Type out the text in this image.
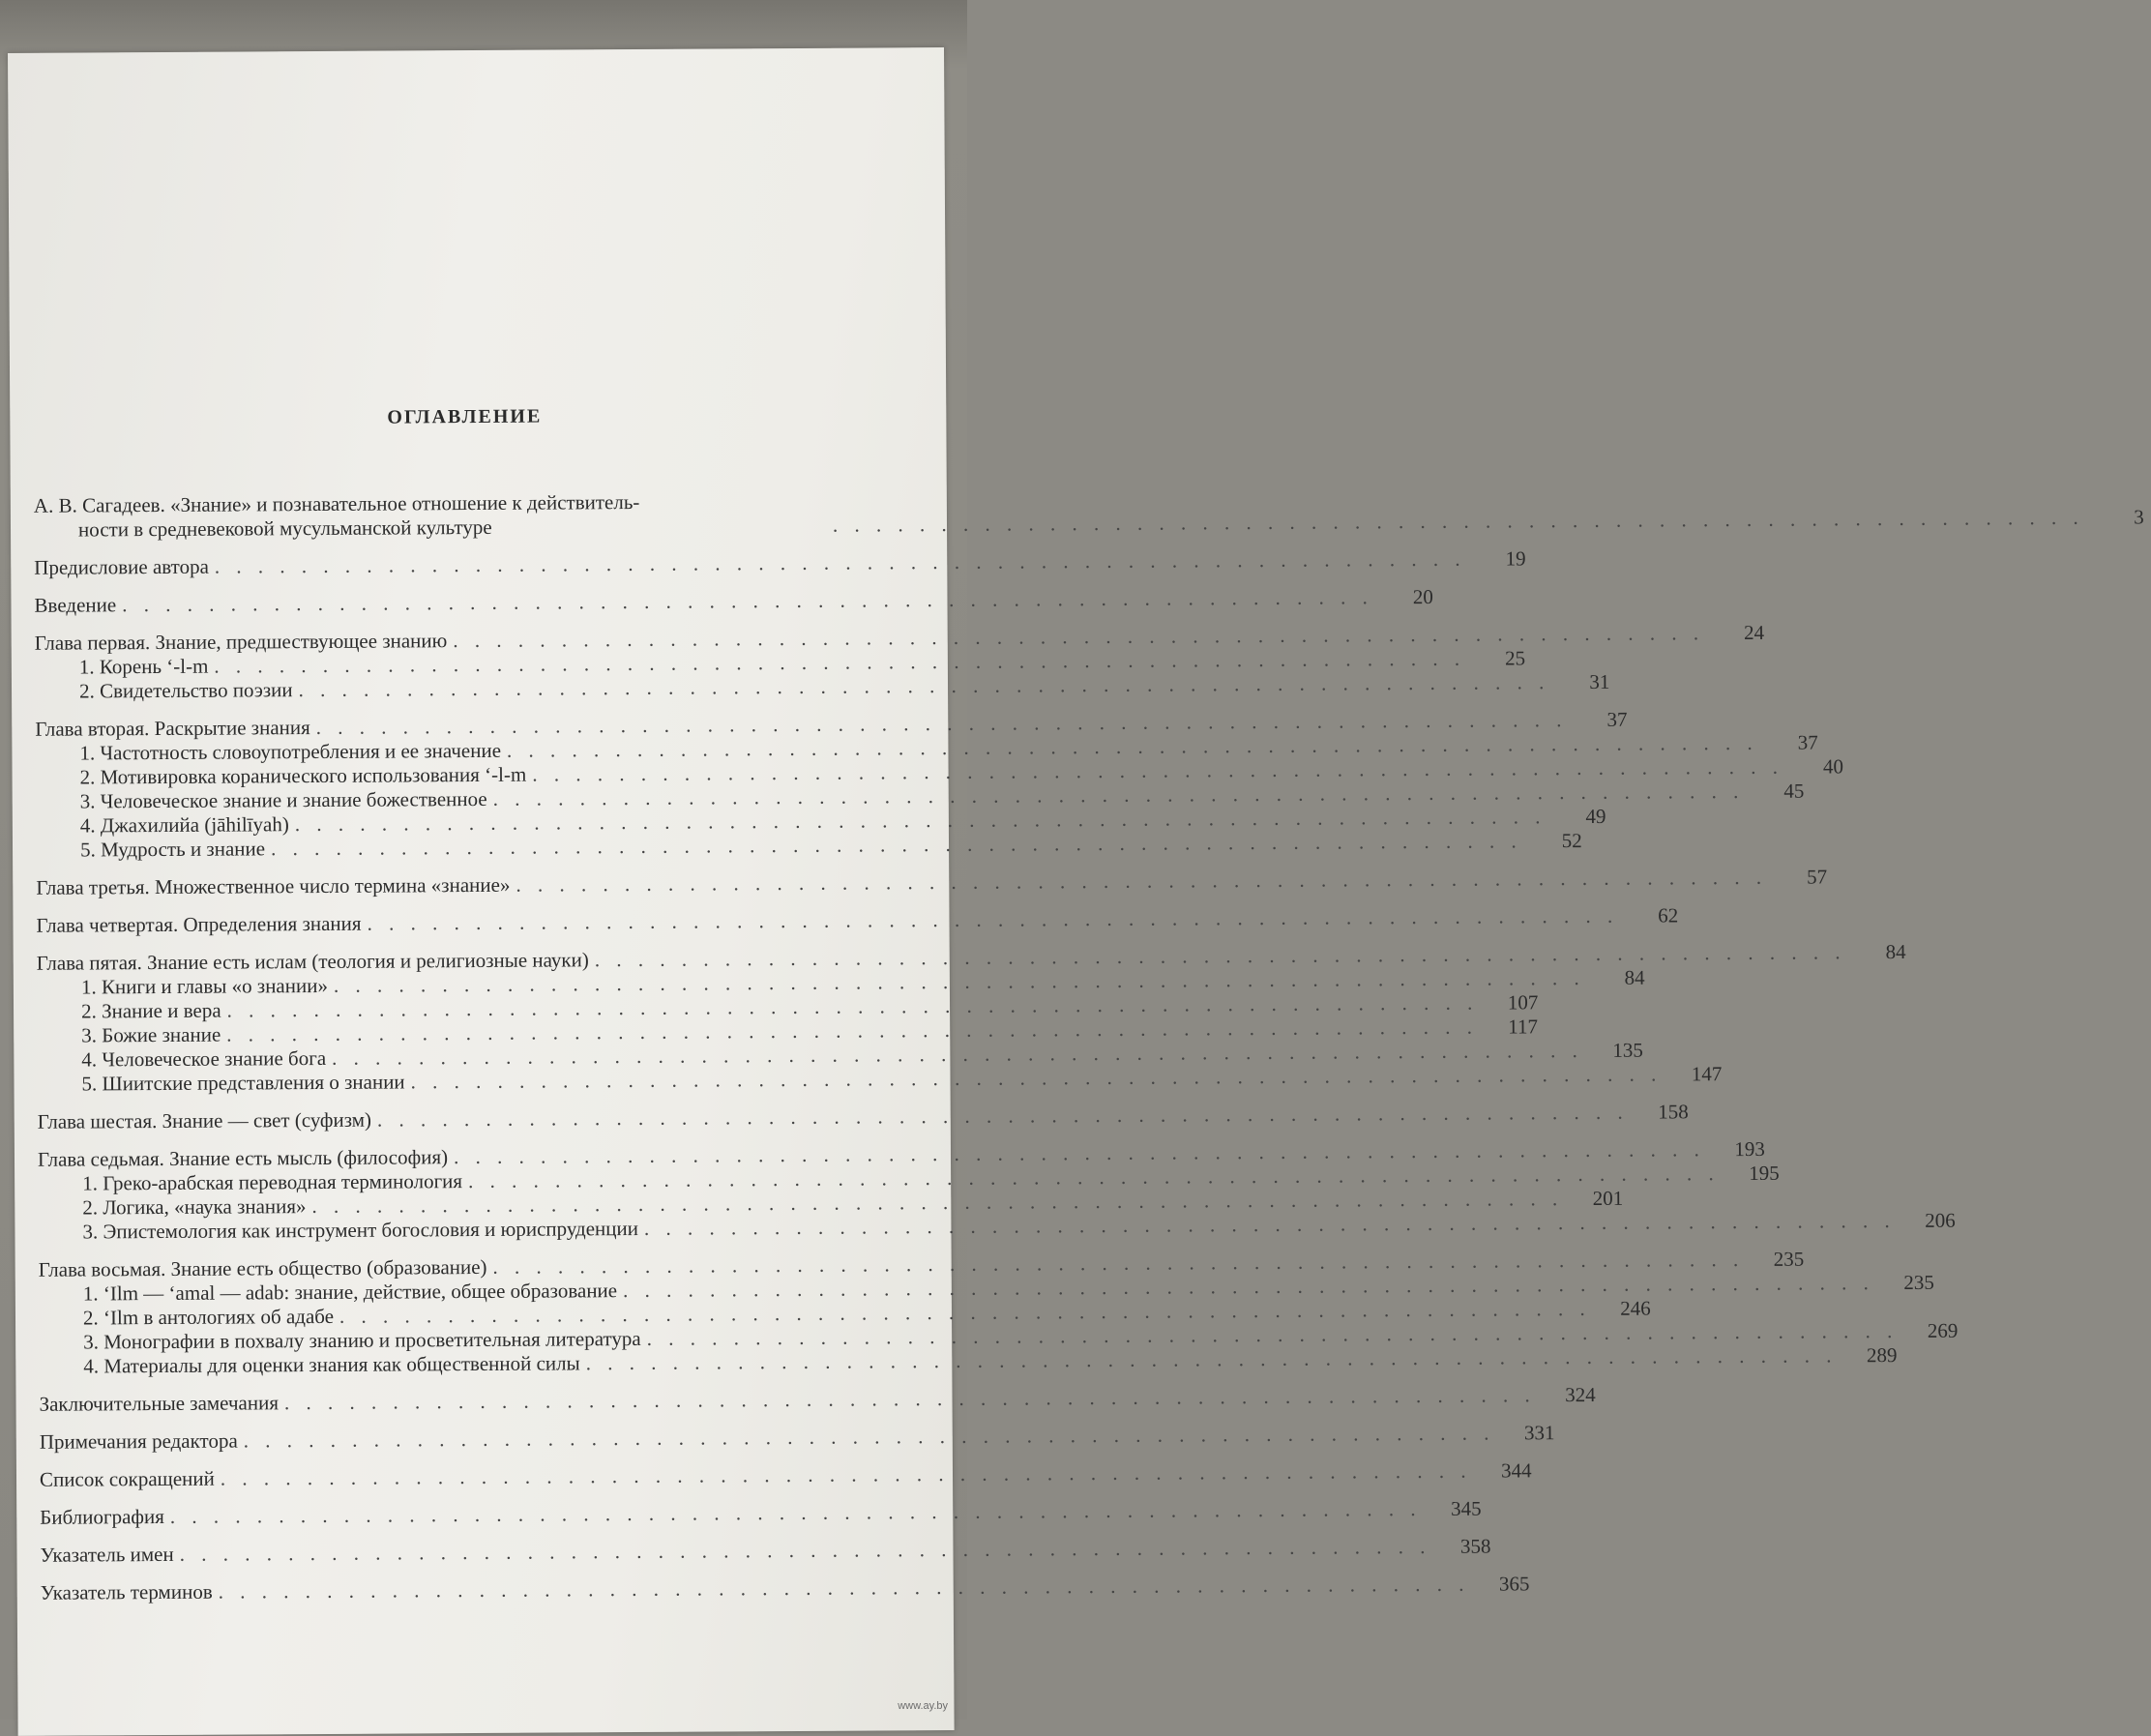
ОГЛАВЛЕНИЕ
А. В. Сагадеев. «Знание» и познавательное отношение к действитель-
ности в средневековой мусульманской культуре . . .	3
Предисловие автора . . .	19
Введение . . .	20
Глава первая. Знание, предшествующее знанию . . .	24
1. Корень ‘-l-m . . .	25
2. Свидетельство поэзии . . .	31
Глава вторая. Раскрытие знания . . .	37
1. Частотность словоупотребления и ее значение . . .	37
2. Мотивировка коранического использования ‘-l-m . . .	40
3. Человеческое знание и знание божественное . . .	45
4. Джахилийа (jāhilīyah) . . .	49
5. Мудрость и знание . . .	52
Глава третья. Множественное число термина «знание» . . .	57
Глава четвертая. Определения знания . . .	62
Глава пятая. Знание есть ислам (теология и религиозные науки) . . .	84
1. Книги и главы «о знании» . . .	84
2. Знание и вера . . .	107
3. Божие знание . . .	117
4. Человеческое знание бога . . .	135
5. Шиитские представления о знании . . .	147
Глава шестая. Знание — свет (суфизм) . . .	158
Глава седьмая. Знание есть мысль (философия) . . .	193
1. Греко-арабская переводная терминология . . .	195
2. Логика, «наука знания» . . .	201
3. Эпистемология как инструмент богословия и юриспруденции . . .	206
Глава восьмая. Знание есть общество (образование) . . .	235
1. ‘Ilm — ‘amal — adab: знание, действие, общее образование . . .	235
2. ‘Ilm в антологиях об адабе . . .	246
3. Монографии в похвалу знанию и просветительная литература . . .	269
4. Материалы для оценки знания как общественной силы . . .	289
Заключительные замечания . . .	324
Примечания редактора . . .	331
Список сокращений . . .	344
Библиография . . .	345
Указатель имен . . .	358
Указатель терминов . . .	365
www.ay.by
